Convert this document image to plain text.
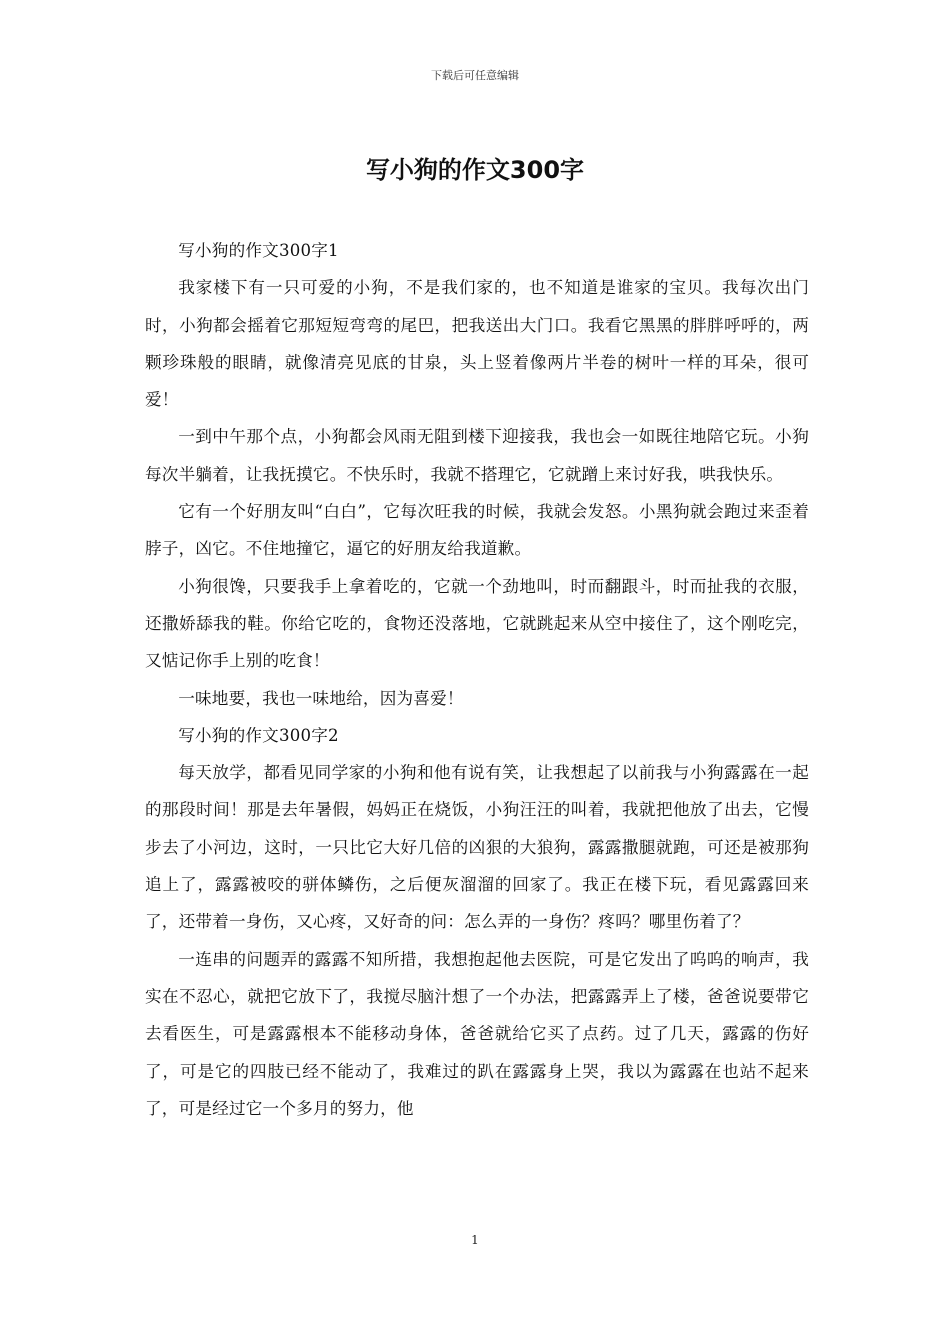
下载后可任意编辑
写小狗的作文300字

写小狗的作文300字1

我家楼下有一只可爱的小狗，不是我们家的，也不知道是谁家的宝贝。我每次出门时，小狗都会摇着它那短短弯弯的尾巴，把我送出大门口。我看它黑黑的胖胖呼呼的，两颗珍珠般的眼睛，就像清亮见底的甘泉，头上竖着像两片半卷的树叶一样的耳朵，很可爱！

一到中午那个点，小狗都会风雨无阻到楼下迎接我，我也会一如既往地陪它玩。小狗每次半躺着，让我抚摸它。不快乐时，我就不搭理它，它就蹭上来讨好我，哄我快乐。

它有一个好朋友叫“白白”，它每次旺我的时候，我就会发怒。小黑狗就会跑过来歪着脖子，凶它。不住地撞它，逼它的好朋友给我道歉。

小狗很馋，只要我手上拿着吃的，它就一个劲地叫，时而翻跟斗，时而扯我的衣服，还撒娇舔我的鞋。你给它吃的，食物还没落地，它就跳起来从空中接住了，这个刚吃完，又惦记你手上别的吃食！

一味地要，我也一味地给，因为喜爱！

写小狗的作文300字2

每天放学，都看见同学家的小狗和他有说有笑，让我想起了以前我与小狗露露在一起的那段时间！那是去年暑假，妈妈正在烧饭，小狗汪汪的叫着，我就把他放了出去，它慢步去了小河边，这时，一只比它大好几倍的凶狠的大狼狗，露露撒腿就跑，可还是被那狗追上了，露露被咬的骈体鳞伤，之后便灰溜溜的回家了。我正在楼下玩，看见露露回来了，还带着一身伤，又心疼，又好奇的问：怎么弄的一身伤？疼吗？哪里伤着了？

一连串的问题弄的露露不知所措，我想抱起他去医院，可是它发出了呜呜的响声，我实在不忍心，就把它放下了，我搅尽脑汁想了一个办法，把露露弄上了楼，爸爸说要带它去看医生，可是露露根本不能移动身体，爸爸就给它买了点药。过了几天，露露的伤好了，可是它的四肢已经不能动了，我难过的趴在露露身上哭，我以为露露在也站不起来了，可是经过它一个多月的努力，他

1
